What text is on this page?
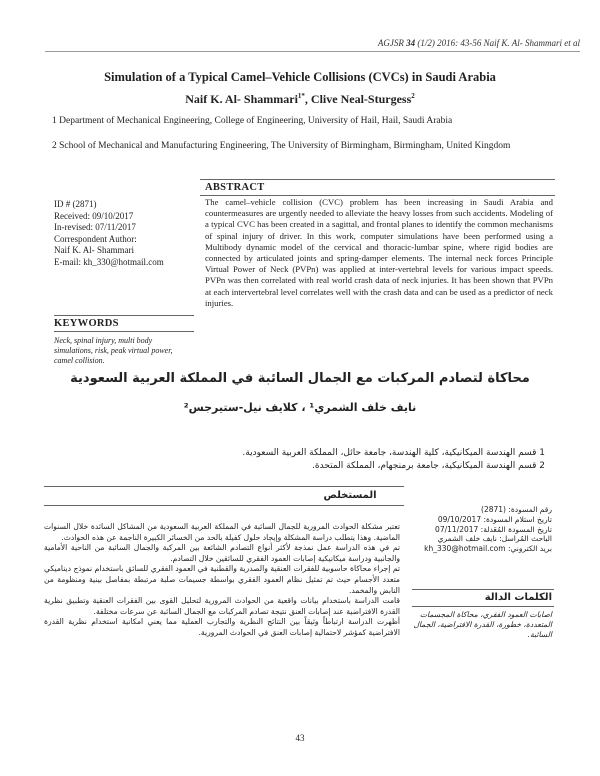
AGJSR 34 (1/2) 2016: 43-56 Naif K. Al- Shammari et al
Simulation of a Typical Camel–Vehicle Collisions (CVCs) in Saudi Arabia
Naif K. Al- Shammari$^{1*}$, Clive Neal-Sturgess$^2$
1 Department of Mechanical Engineering, College of Engineering, University of Hail, Hail, Saudi Arabia
2 School of Mechanical and Manufacturing Engineering, The University of Birmingham, Birmingham, United Kingdom
ABSTRACT
ID # (2871)
Received: 09/10/2017
In-revised: 07/11/2017
Correspondent Author:
Naif K. Al- Shammari
E-mail: kh_330@hotmail.com
The camel–vehicle collision (CVC) problem has been increasing in Saudi Arabia and countermeasures are urgently needed to alleviate the heavy losses from such accidents. Modeling of a typical CVC has been created in a sagittal, and frontal planes to identify the common mechanisms of spinal injury of driver. In this work, computer simulations have been performed using a Multibody dynamic model of the cervical and thoracic-lumbar spine, where rigid bodies are connected by articulated joints and spring-damper elements. The internal neck forces Principle Virtual Power of Neck (PVPn) was applied at inter-vertebral levels for various impact speeds. PVPn was then correlated with real world crash data of neck injuries. It has been shown that PVPn at each intervertebral level correlates well with the crash data and can be used as a predictor of neck injuries.
KEYWORDS
Neck, spinal injury, multi body simulations, risk, peak virtual power, camel collision.
محاكاة لتصادم المركبات مع الجمال السائبة في المملكة العربية السعودية
نايف خلف الشمري¹ ، كلايف نيل-ستيرجس²
1 قسم الهندسة الميكانيكية، كلية الهندسة، جامعة حائل، المملكة العربية السعودية.
2 قسم الهندسة الميكانيكية، جامعة برمنجهام، المملكة المتحدة.
المستخلص
تعتبر مشكلة الحوادث المرورية للجمال السائبة في المملكة العربية السعودية من المشاكل السائدة خلال السنوات الماضية. وهذا يتطلب دراسة المشكلة وإيجاد حلول كفيلة بالحد من الخسائر الكبيرة الناجمة عن هذه الحوادث.
تم في هذه الدراسة عمل نمذجة لأكثر أنواع التصادم الشائعة بين المركبة والجمال السائبة من الناحية الأمامية والجانبية ودراسة ميكانيكية إصابات العمود الفقري للسائقين خلال التصادم.
تم إجراء محاكاة حاسوبية للفقرات العنقية والصدرية والقطنية في العمود الفقري للسائق باستخدام نموذج ديناميكي متعدد الأجسام حيث تم تمثيل نظام العمود الفقري بواسطة جسيمات صلبة مرتبطة بمفاصل بينية ومنظومة من النابض والمخمد.
قامت الدراسة باستخدام بيانات واقعية من الحوادث المرورية لتحليل القوى بين الفقرات العنقية وتطبيق نظرية القدرة الافتراضية عند إصابات العنق نتيجة تصادم المركبات مع الجمال السائبة عن سرعات مختلفة.
أظهرت الدراسة ارتباطاً وثيقاً بين النتائج النظرية والتجارب العملية مما يعني امكانية استخدام نظرية القدرة الافتراضية كمؤشر لاحتمالية إصابات العنق في الحوادث المرورية.
رقم المسودة: (2871)
تاريخ استلام المسودة: 09/10/2017
تاريخ المسودة المُعَدلة: 07/11/2017
الباحث المُراسل: نايف خلف الشمري
بريد الكتروني: kh_330@hotmail.com
الكلمات الدالة
اصابات العمود الفقري، محاكاة المجسمات المتعددة، خطورة، القدرة الافتراضية، الجمال السائبة.
43
